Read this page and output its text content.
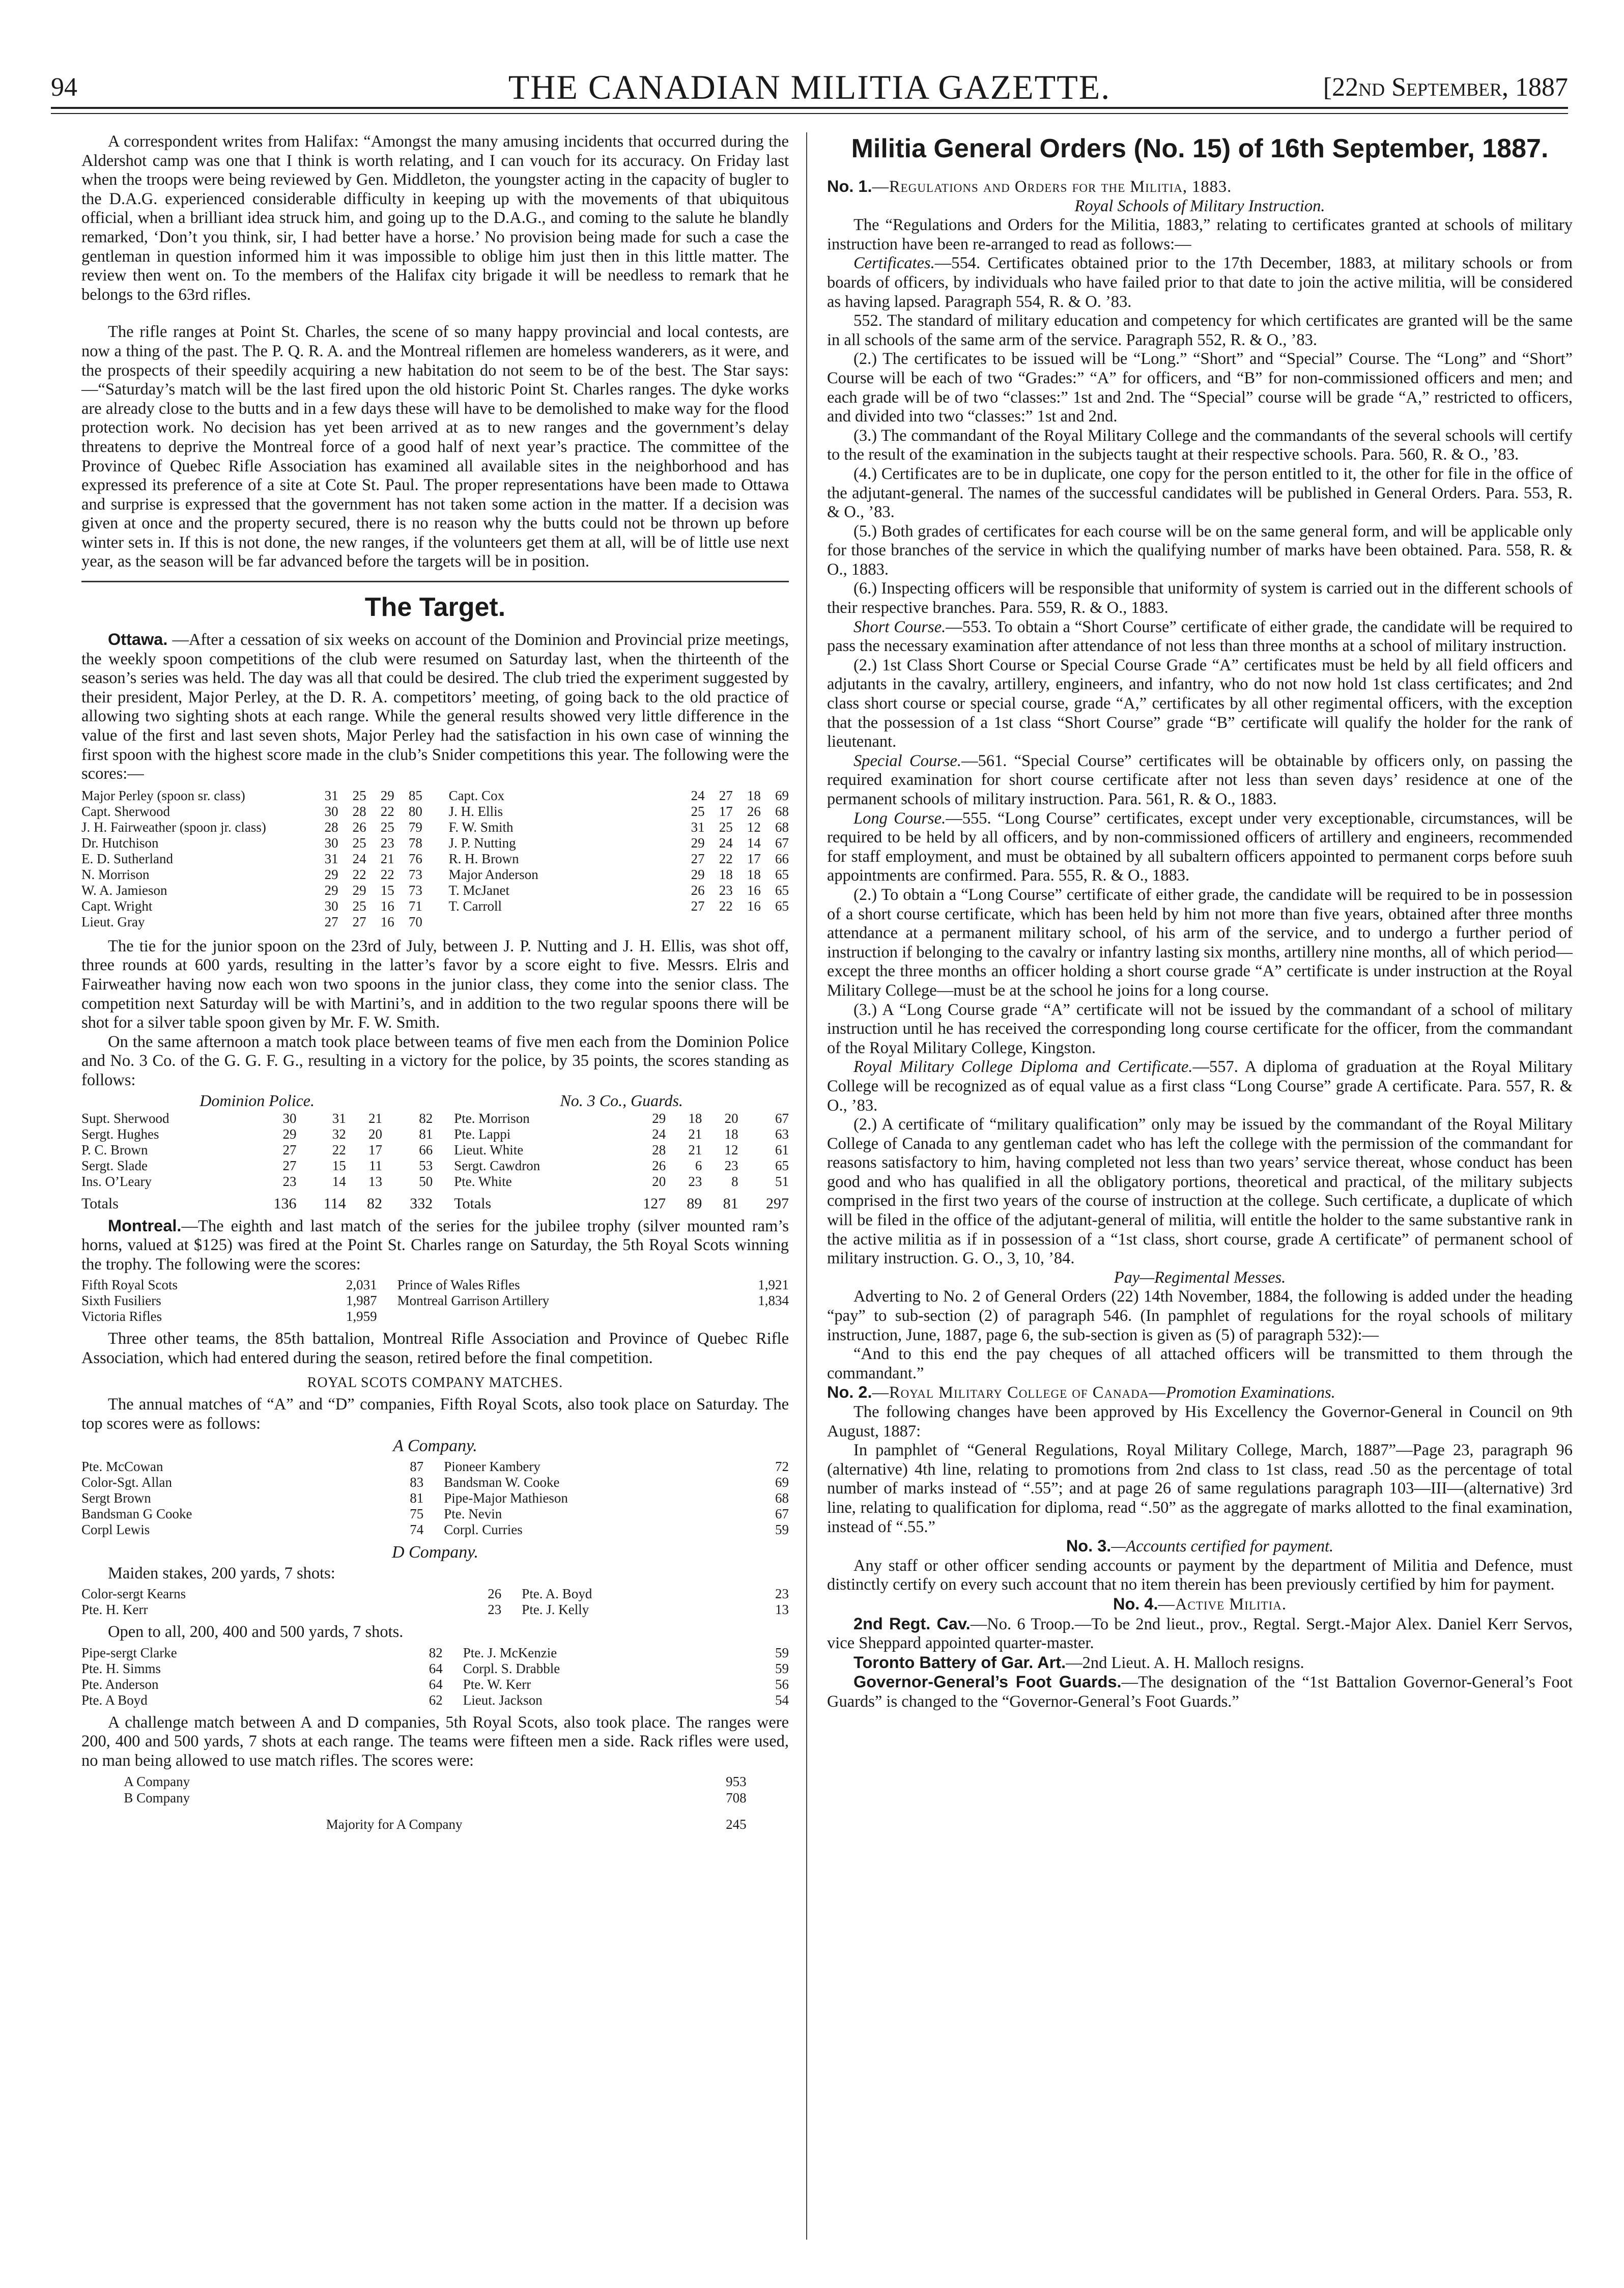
94	THE CANADIAN MILITIA GAZETTE.	[22nd September, 1887

A correspondent writes from Halifax: “Amongst the many amusing incidents that occurred during the Aldershot camp was one that I think is worth relating, and I can vouch for its accuracy. On Friday last when the troops were being reviewed by Gen. Middleton, the youngster acting in the capacity of bugler to the D.A.G. experienced considerable difficulty in keeping up with the movements of that ubiquitous official, when a brilliant idea struck him, and going up to the D.A.G., and coming to the salute he blandly remarked, ‘Don’t you think, sir, I had better have a horse.’ No provision being made for such a case the gentleman in question informed him it was impossible to oblige him just then in this little matter. The review then went on. To the members of the Halifax city brigade it will be needless to remark that he belongs to the 63rd rifles.

The rifle ranges at Point St. Charles, the scene of so many happy provincial and local contests, are now a thing of the past. The P. Q. R. A. and the Montreal riflemen are homeless wanderers, as it were, and the prospects of their speedily acquiring a new habitation do not seem to be of the best. The Star says:—“Saturday’s match will be the last fired upon the old historic Point St. Charles ranges. The dyke works are already close to the butts and in a few days these will have to be demolished to make way for the flood protection work. No decision has yet been arrived at as to new ranges and the government’s delay threatens to deprive the Montreal force of a good half of next year’s practice. The committee of the Province of Quebec Rifle Association has examined all available sites in the neighborhood and has expressed its preference of a site at Cote St. Paul. The proper representations have been made to Ottawa and surprise is expressed that the government has not taken some action in the matter. If a decision was given at once and the property secured, there is no reason why the butts could not be thrown up before winter sets in. If this is not done, the new ranges, if the volunteers get them at all, will be of little use next year, as the season will be far advanced before the targets will be in position.

The Target.

Ottawa. —After a cessation of six weeks on account of the Dominion and Provincial prize meetings, the weekly spoon competitions of the club were resumed on Saturday last, when the thirteenth of the season’s series was held. The day was all that could be desired. The club tried the experiment suggested by their president, Major Perley, at the D. R. A. competitors’ meeting, of going back to the old practice of allowing two sighting shots at each range. While the general results showed very little difference in the value of the first and last seven shots, Major Perley had the satisfaction in his own case of winning the first spoon with the highest score made in the club’s Snider competitions this year. The following were the scores:—

Major Perley (spoon sr. class)	31	25	29	85		Capt. Cox	24	27	18	69
Capt. Sherwood	30	28	22	80		J. H. Ellis	25	17	26	68
J. H. Fairweather (spoon jr. class)	28	26	25	79		F. W. Smith	31	25	12	68
Dr. Hutchison	30	25	23	78		J. P. Nutting	29	24	14	67
E. D. Sutherland	31	24	21	76		R. H. Brown	27	22	17	66
N. Morrison	29	22	22	73		Major Anderson	29	18	18	65
W. A. Jamieson	29	29	15	73		T. McJanet	26	23	16	65
Capt. Wright	30	25	16	71		T. Carroll	27	22	16	65
Lieut. Gray	27	27	16	70						

The tie for the junior spoon on the 23rd of July, between J. P. Nutting and J. H. Ellis, was shot off, three rounds at 600 yards, resulting in the latter’s favor by a score eight to five. Messrs. Elris and Fairweather having now each won two spoons in the junior class, they come into the senior class. The competition next Saturday will be with Martini’s, and in addition to the two regular spoons there will be shot for a silver table spoon given by Mr. F. W. Smith.

On the same afternoon a match took place between teams of five men each from the Dominion Police and No. 3 Co. of the G. G. F. G., resulting in a victory for the police, by 35 points, the scores standing as follows:

Dominion Police.						No. 3 Co., Guards.				
Supt. Sherwood	30	31	21	82		Pte. Morrison	29	18	20	67
Sergt. Hughes	29	32	20	81		Pte. Lappi	24	21	18	63
P. C. Brown	27	22	17	66		Lieut. White	28	21	12	61
Sergt. Slade	27	15	11	53		Sergt. Cawdron	26	6	23	65
Ins. O’Leary	23	14	13	50		Pte. White	20	23	8	51
Totals	136	114	82	332		Totals	127	89	81	297

Montreal.—The eighth and last match of the series for the jubilee trophy (silver mounted ram’s horns, valued at $125) was fired at the Point St. Charles range on Saturday, the 5th Royal Scots winning the trophy. The following were the scores:

Fifth Royal Scots	2,031	Prince of Wales Rifles	1,921
Sixth Fusiliers	1,987	Montreal Garrison Artillery	1,834
Victoria Rifles	1,959		

Three other teams, the 85th battalion, Montreal Rifle Association and Province of Quebec Rifle Association, which had entered during the season, retired before the final competition.

ROYAL SCOTS COMPANY MATCHES.

The annual matches of “A” and “D” companies, Fifth Royal Scots, also took place on Saturday. The top scores were as follows:

A Company.
Pte. McCowan	87	Pioneer Kambery	72
Color-Sgt. Allan	83	Bandsman W. Cooke	69
Sergt Brown	81	Pipe-Major Mathieson	68
Bandsman G Cooke	75	Pte. Nevin	67
Corpl Lewis	74	Corpl. Curries	59
D Company.

Maiden stakes, 200 yards, 7 shots:

Color-sergt Kearns	26	Pte. A. Boyd	23
Pte. H. Kerr	23	Pte. J. Kelly	13

Open to all, 200, 400 and 500 yards, 7 shots.

Pipe-sergt Clarke	82	Pte. J. McKenzie	59
Pte. H. Simms	64	Corpl. S. Drabble	59
Pte. Anderson	64	Pte. W. Kerr	56
Pte. A Boyd	62	Lieut. Jackson	54

A challenge match between A and D companies, 5th Royal Scots, also took place. The ranges were 200, 400 and 500 yards, 7 shots at each range. The teams were fifteen men a side. Rack rifles were used, no man being allowed to use match rifles. The scores were:

A Company	953
B Company	708
Majority for A Company	245
Militia General Orders (No. 15) of 16th September, 1887.

No. 1.—Regulations and Orders for the Militia, 1883.

Royal Schools of Military Instruction.

The “Regulations and Orders for the Militia, 1883,” relating to certificates granted at schools of military instruction have been re-arranged to read as follows:—

Certificates.—554. Certificates obtained prior to the 17th December, 1883, at military schools or from boards of officers, by individuals who have failed prior to that date to join the active militia, will be considered as having lapsed. Paragraph 554, R. & O. ’83.

552. The standard of military education and competency for which certificates are granted will be the same in all schools of the same arm of the service. Paragraph 552, R. & O., ’83.

(2.) The certificates to be issued will be “Long.” “Short” and “Special” Course. The “Long” and “Short” Course will be each of two “Grades:” “A” for officers, and “B” for non-commissioned officers and men; and each grade will be of two “classes:” 1st and 2nd. The “Special” course will be grade “A,” restricted to officers, and divided into two “classes:” 1st and 2nd.

(3.) The commandant of the Royal Military College and the commandants of the several schools will certify to the result of the examination in the subjects taught at their respective schools. Para. 560, R. & O., ’83.

(4.) Certificates are to be in duplicate, one copy for the person entitled to it, the other for file in the office of the adjutant-general. The names of the successful candidates will be published in General Orders. Para. 553, R. & O., ’83.

(5.) Both grades of certificates for each course will be on the same general form, and will be applicable only for those branches of the service in which the qualifying number of marks have been obtained. Para. 558, R. & O., 1883.

(6.) Inspecting officers will be responsible that uniformity of system is carried out in the different schools of their respective branches. Para. 559, R. & O., 1883.

Short Course.—553. To obtain a “Short Course” certificate of either grade, the candidate will be required to pass the necessary examination after attendance of not less than three months at a school of military instruction.

(2.) 1st Class Short Course or Special Course Grade “A” certificates must be held by all field officers and adjutants in the cavalry, artillery, engineers, and infantry, who do not now hold 1st class certificates; and 2nd class short course or special course, grade “A,” certificates by all other regimental officers, with the exception that the possession of a 1st class “Short Course” grade “B” certificate will qualify the holder for the rank of lieutenant.

Special Course.—561. “Special Course” certificates will be obtainable by officers only, on passing the required examination for short course certificate after not less than seven days’ residence at one of the permanent schools of military instruction. Para. 561, R. & O., 1883.

Long Course.—555. “Long Course” certificates, except under very exceptionable, circumstances, will be required to be held by all officers, and by non-commissioned officers of artillery and engineers, recommended for staff employment, and must be obtained by all subaltern officers appointed to permanent corps before suuh appointments are confirmed. Para. 555, R. & O., 1883.

(2.) To obtain a “Long Course” certificate of either grade, the candidate will be required to be in possession of a short course certificate, which has been held by him not more than five years, obtained after three months attendance at a permanent military school, of his arm of the service, and to undergo a further period of instruction if belonging to the cavalry or infantry lasting six months, artillery nine months, all of which period—except the three months an officer holding a short course grade “A” certificate is under instruction at the Royal Military College—must be at the school he joins for a long course.

(3.) A “Long Course grade “A” certificate will not be issued by the commandant of a school of military instruction until he has received the corresponding long course certificate for the officer, from the commandant of the Royal Military College, Kingston.

Royal Military College Diploma and Certificate.—557. A diploma of graduation at the Royal Military College will be recognized as of equal value as a first class “Long Course” grade A certificate. Para. 557, R. & O., ’83.

(2.) A certificate of “military qualification” only may be issued by the commandant of the Royal Military College of Canada to any gentleman cadet who has left the college with the permission of the commandant for reasons satisfactory to him, having completed not less than two years’ service thereat, whose conduct has been good and who has qualified in all the obligatory portions, theoretical and practical, of the military subjects comprised in the first two years of the course of instruction at the college. Such certificate, a duplicate of which will be filed in the office of the adjutant-general of militia, will entitle the holder to the same substantive rank in the active militia as if in possession of a “1st class, short course, grade A certificate” of permanent school of military instruction. G. O., 3, 10, ’84.

Pay—Regimental Messes.

Adverting to No. 2 of General Orders (22) 14th November, 1884, the following is added under the heading “pay” to sub-section (2) of paragraph 546. (In pamphlet of regulations for the royal schools of military instruction, June, 1887, page 6, the sub-section is given as (5) of paragraph 532):—

“And to this end the pay cheques of all attached officers will be transmitted to them through the commandant.”

No. 2.—Royal Military College of Canada—Promotion Examinations.

The following changes have been approved by His Excellency the Governor-General in Council on 9th August, 1887:

In pamphlet of “General Regulations, Royal Military College, March, 1887”—Page 23, paragraph 96 (alternative) 4th line, relating to promotions from 2nd class to 1st class, read .50 as the percentage of total number of marks instead of “.55”; and at page 26 of same regulations paragraph 103—III—(alternative) 3rd line, relating to qualification for diploma, read “.50” as the aggregate of marks allotted to the final examination, instead of “.55.”

No. 3.—Accounts certified for payment.

Any staff or other officer sending accounts or payment by the department of Militia and Defence, must distinctly certify on every such account that no item therein has been previously certified by him for payment.

No. 4.—Active Militia.

2nd Regt. Cav.—No. 6 Troop.—To be 2nd lieut., prov., Regtal. Sergt.-Major Alex. Daniel Kerr Servos, vice Sheppard appointed quarter-master.

Toronto Battery of Gar. Art.—2nd Lieut. A. H. Malloch resigns.

Governor-General’s Foot Guards.—The designation of the “1st Battalion Governor-General’s Foot Guards” is changed to the “Governor-General’s Foot Guards.”
